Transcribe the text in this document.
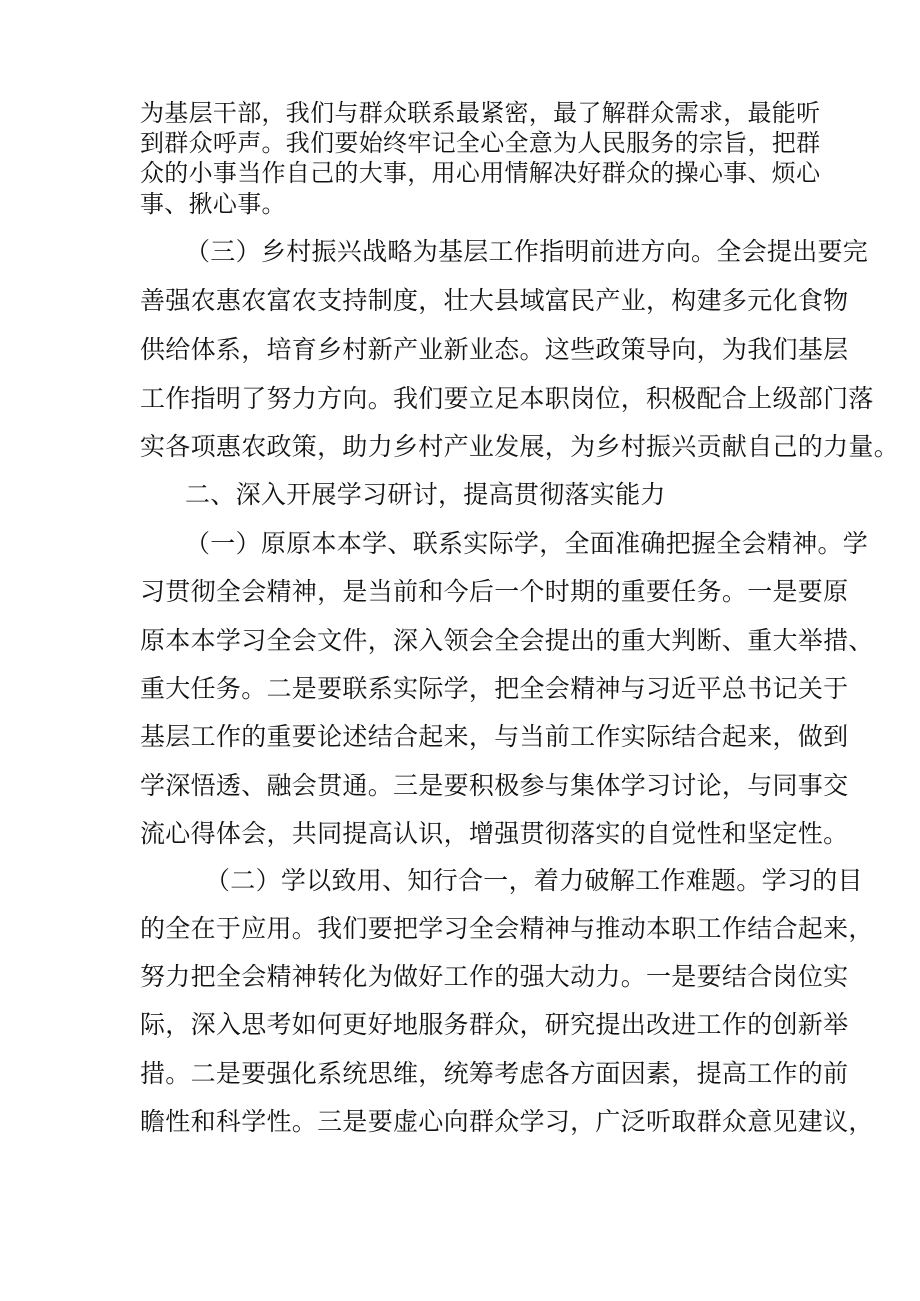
为基层干部，我们与群众联系最紧密，最了解群众需求，最能听
到群众呼声。我们要始终牢记全心全意为人民服务的宗旨，把群
众的小事当作自己的大事，用心用情解决好群众的操心事、烦心
事、揪心事。
（三）乡村振兴战略为基层工作指明前进方向。全会提出要完
善强农惠农富农支持制度，壮大县域富民产业，构建多元化食物
供给体系，培育乡村新产业新业态。这些政策导向，为我们基层
工作指明了努力方向。我们要立足本职岗位，积极配合上级部门落
实各项惠农政策，助力乡村产业发展，为乡村振兴贡献自己的力量。
二、深入开展学习研讨，提高贯彻落实能力
（一）原原本本学、联系实际学，全面准确把握全会精神。学
习贯彻全会精神，是当前和今后一个时期的重要任务。一是要原
原本本学习全会文件，深入领会全会提出的重大判断、重大举措、
重大任务。二是要联系实际学，把全会精神与习近平总书记关于
基层工作的重要论述结合起来，与当前工作实际结合起来，做到
学深悟透、融会贯通。三是要积极参与集体学习讨论，与同事交
流心得体会，共同提高认识，增强贯彻落实的自觉性和坚定性。
（二）学以致用、知行合一，着力破解工作难题。学习的目
的全在于应用。我们要把学习全会精神与推动本职工作结合起来，
努力把全会精神转化为做好工作的强大动力。一是要结合岗位实
际，深入思考如何更好地服务群众，研究提出改进工作的创新举
措。二是要强化系统思维，统筹考虑各方面因素，提高工作的前
瞻性和科学性。三是要虚心向群众学习，广泛听取群众意见建议，
